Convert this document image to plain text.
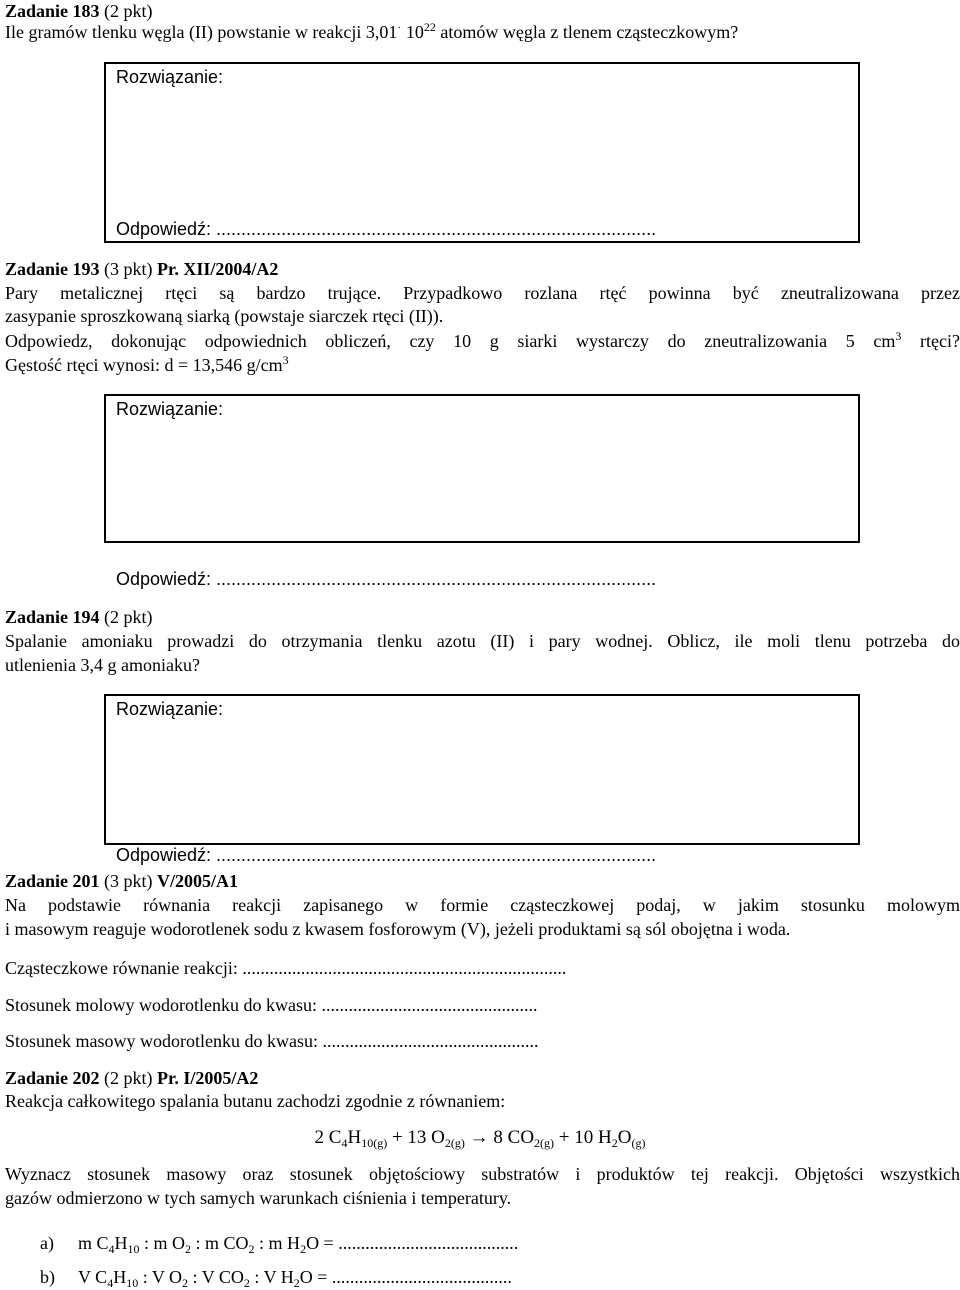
Zadanie 183 (2 pkt)
Ile gramów tlenku węgla (II) powstanie w reakcji 3,01· $10^{22}$ atomów węgla z tlenem cząsteczkowym?
Rozwiązanie:
Odpowiedź: ........................................................................................
Zadanie 193 (3 pkt) Pr. XII/2004/A2
Pary metalicznej rtęci są bardzo trujące. Przypadkowo rozlana rtęć powinna być zneutralizowana przez
zasypanie sproszkowaną siarką (powstaje siarczek rtęci (II)).
Odpowiedz, dokonując odpowiednich obliczeń, czy 10 g siarki wystarczy do zneutralizowania 5 $cm^3$ rtęci?
Gęstość rtęci wynosi: d = 13,546 $g/cm^3$
Rozwiązanie:
Odpowiedź: ........................................................................................
Zadanie 194 (2 pkt)
Spalanie amoniaku prowadzi do otrzymania tlenku azotu (II) i pary wodnej. Oblicz, ile moli tlenu potrzeba do
utlenienia 3,4 g amoniaku?
Rozwiązanie:
Odpowiedź: ........................................................................................
Zadanie 201 (3 pkt) V/2005/A1
Na podstawie równania reakcji zapisanego w formie cząsteczkowej podaj, w jakim stosunku molowym
i masowym reaguje wodorotlenek sodu z kwasem fosforowym (V), jeżeli produktami są sól obojętna i woda.
Cząsteczkowe równanie reakcji: ........................................................................
Stosunek molowy wodorotlenku do kwasu: ................................................
Stosunek masowy wodorotlenku do kwasu: ................................................
Zadanie 202 (2 pkt) Pr. I/2005/A2
Reakcja całkowitego spalania butanu zachodzi zgodnie z równaniem:
2 $C_4H_{10(g)} + 13$ $O_{2(g)} \to 8$ $CO_{2(g)} + 10$ $H_2O_{(g)}$
Wyznacz stosunek masowy oraz stosunek objętościowy substratów i produktów tej reakcji. Objętości wszystkich
gazów odmierzono w tych samych warunkach ciśnienia i temperatury.
a) m $C_4H_{10}$ : m $O_2$ : m $CO_2$ : m $H_2O$ = ........................................
b) V $C_4H_{10}$ : V $O_2$ : V $CO_2$ : V $H_2O$ = ........................................
